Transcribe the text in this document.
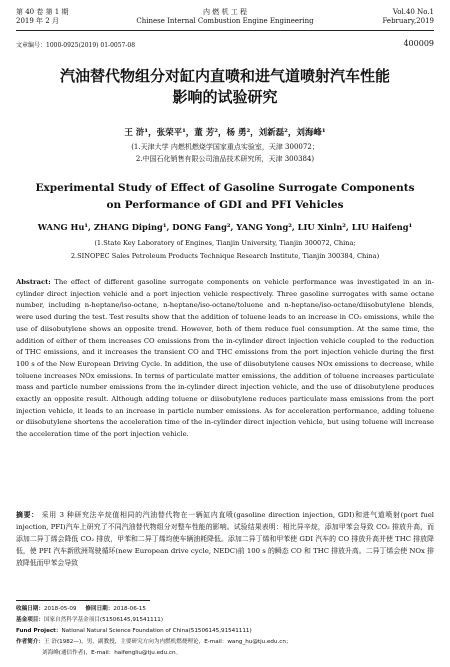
第 40 卷 第 1 期
2019 年 2 月
内 燃 机 工 程
Chinese Internal Combustion Engine Engineering
Vol.40 No.1
February,2019
文章编号：1000-0925(2019) 01-0057-08	400009
汽油替代物组分对缸内直喷和进气道喷射汽车性能
影响的试验研究
王 浒¹，张荣平¹，董 芳²，杨 勇²，刘新磊²，刘海峰¹
(1.天津大学 内燃机燃烧学国家重点实验室，天津 300072；
2.中国石化销售有限公司油品技术研究所，天津 300384)
Experimental Study of Effect of Gasoline Surrogate Components
on Performance of GDI and PFI Vehicles
WANG Hu¹, ZHANG Diping¹, DONG Fang², YANG Yong², LIU Xinln², LIU Haifeng¹
(1.State Key Laboratory of Engines, Tianjin University, Tianjin 300072, China;
2.SINOPEC Sales Petroleum Products Technique Research Institute, Tianjin 300384, China)
Abstract: The effect of different gasoline surrogate components on vehicle performance was investigated in an in-cylinder direct injection vehicle and a port injection vehicle respectively. Three gasoline surrogates with same octane number, including n-heptane/iso-octane, n-heptane/iso-octane/toluene and n-heptane/iso-octane/diisobutylene blends, were used during the test. Test results show that the addition of toluene leads to an increase in CO₂ emissions, while the use of diisobutylene shows an opposite trend. However, both of them reduce fuel consumption. At the same time, the addition of either of them increases CO emissions from the in-cylinder direct injection vehicle coupled to the reduction of THC emissions, and it increases the transient CO and THC emissions from the port injection vehicle during the first 100 s of the New European Driving Cycle. In addition, the use of diisobutylene causes NOx emissions to decrease, while toluene increases NOx emissions. In terms of particulate matter emissions, the addition of toluene increases particulate mass and particle number emissions from the in-cylinder direct injection vehicle, and the use of diisobutylene produces exactly an opposite result. Although adding toluene or diisobutylene reduces particulate mass emissions from the port injection vehicle, it leads to an increase in particle number emissions. As for acceleration performance, adding toluene or diisobutylene shortens the acceleration time of the in-cylinder direct injection vehicle, but using toluene will increase the acceleration time of the port injection vehicle.
摘要： 采用 3 种研究法辛烷值相同的汽油替代物在一辆缸内直喷(gasoline direction injection, GDI)和进气道喷射(port fuel injection, PFI)汽车上研究了不同汽油替代物组分对整车性能的影响。试验结果表明：相比异辛烷，添加甲苯会导致 CO₂ 排放升高，而添加二异丁烯会降低 CO₂ 排放，甲苯和二异丁烯均使车辆油耗降低。添加二异丁烯和甲苯使 GDI 汽车的 CO 排放升高并使 THC 排放降低，使 PFI 汽车新欧洲驾驶循环(new European drive cycle, NEDC)前 100 s 的瞬态 CO 和 THC 排放升高。二异丁烯会使 NOx 排放降低而甲苯会导致
收稿日期：2018-05-09 修回日期：2018-06-15
基金项目：国家自然科学基金项目(51506145,91541111)
Fund Project：National Natural Science Foundation of China(51506145,91541111)
作者简介：王 浒(1982—)，男，副教授，主要研究方向为内燃机燃烧理论，E-mail：wang_hu@tju.edu.cn；
刘海峰(通信作者)，E-mail：haifengliu@tju.edu.cn。
